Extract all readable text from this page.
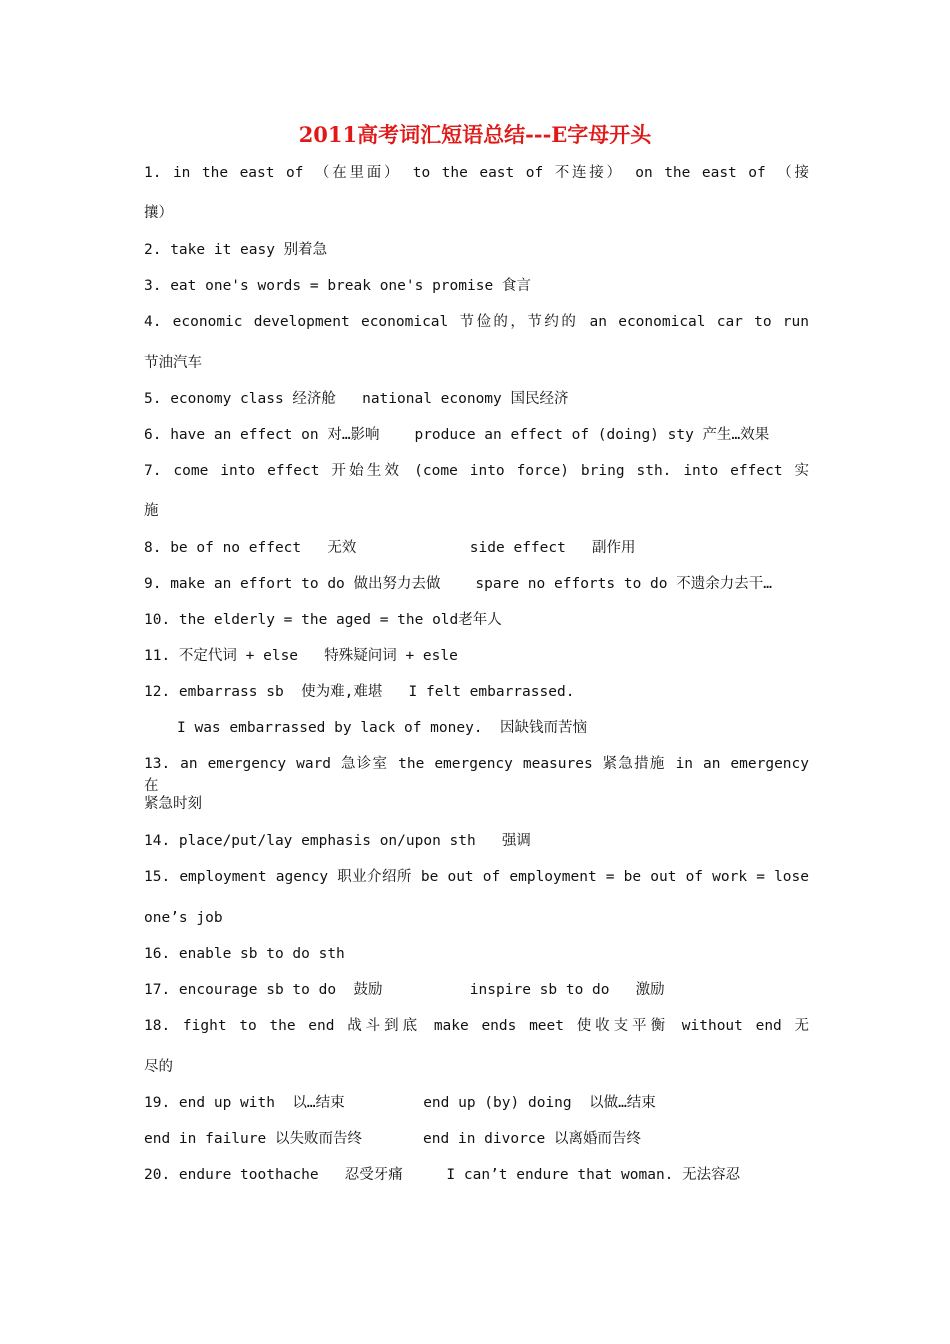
2011高考词汇短语总结---E字母开头
1. in the east of （在里面） to the east of 不连接） on the east of （接
攘）
2. take it easy 别着急
3. eat one's words = break one's promise 食言
4. economic development economical 节俭的，节约的 an economical car to run
节油汽车
5. economy class 经济舱   national economy 国民经济
6. have an effect on 对…影响    produce an effect of (doing) sty 产生…效果
7. come into effect 开始生效 (come into force) bring sth. into effect 实
施
8. be of no effect   无效             side effect   副作用
9. make an effort to do 做出努力去做    spare no efforts to do 不遗余力去干…
10. the elderly = the aged = the old老年人
11. 不定代词 + else   特殊疑问词 + esle
12. embarrass sb  使为难,难堪   I felt embarrassed.
I was embarrassed by lack of money.  因缺钱而苦恼
13. an emergency ward 急诊室 the emergency measures 紧急措施 in an emergency 在
紧急时刻
14. place/put/lay emphasis on/upon sth   强调
15. employment agency 职业介绍所 be out of employment = be out of work = lose
one’s job
16. enable sb to do sth
17. encourage sb to do  鼓励          inspire sb to do   激励
18. fight to the end 战斗到底 make ends meet 使收支平衡 without end 无
尽的
19. end up with  以…结束         end up (by) doing  以做…结束
end in failure 以失败而告终       end in divorce 以离婚而告终
20. endure toothache   忍受牙痛     I can’t endure that woman. 无法容忍
